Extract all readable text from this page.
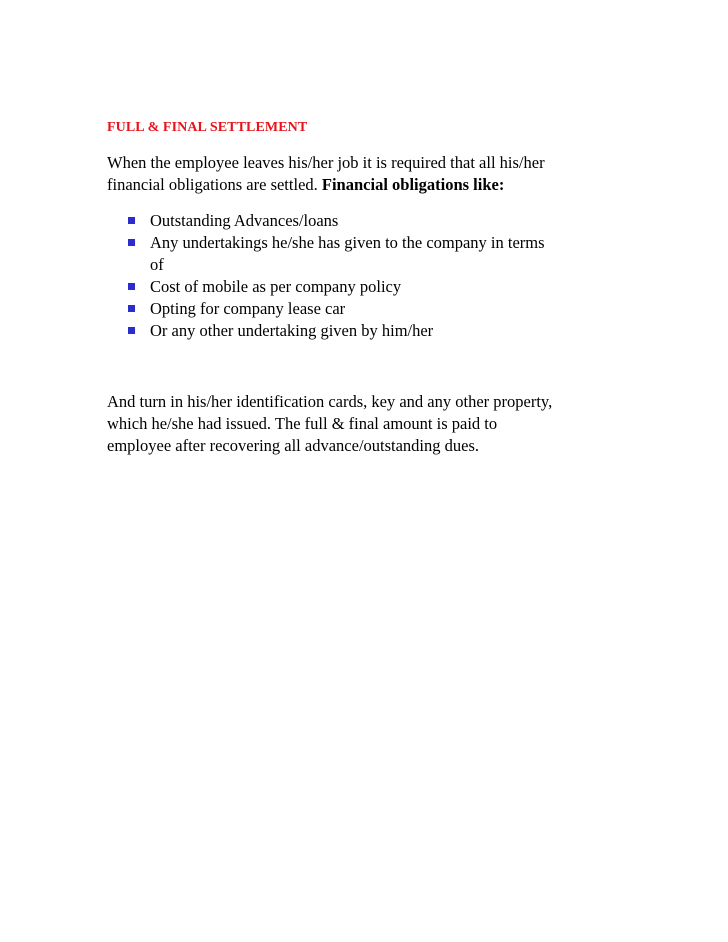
FULL & FINAL SETTLEMENT
When the employee leaves his/her job it is required that all his/her
financial obligations are settled. Financial obligations like:
Outstanding Advances/loans
Any undertakings he/she has given to the company in terms
of
Cost of mobile as per company policy
Opting for company lease car
Or any other undertaking given by him/her
And turn in his/her identification cards, key and any other property,
which he/she had issued. The full & final amount is paid to
employee after recovering all advance/outstanding dues.
